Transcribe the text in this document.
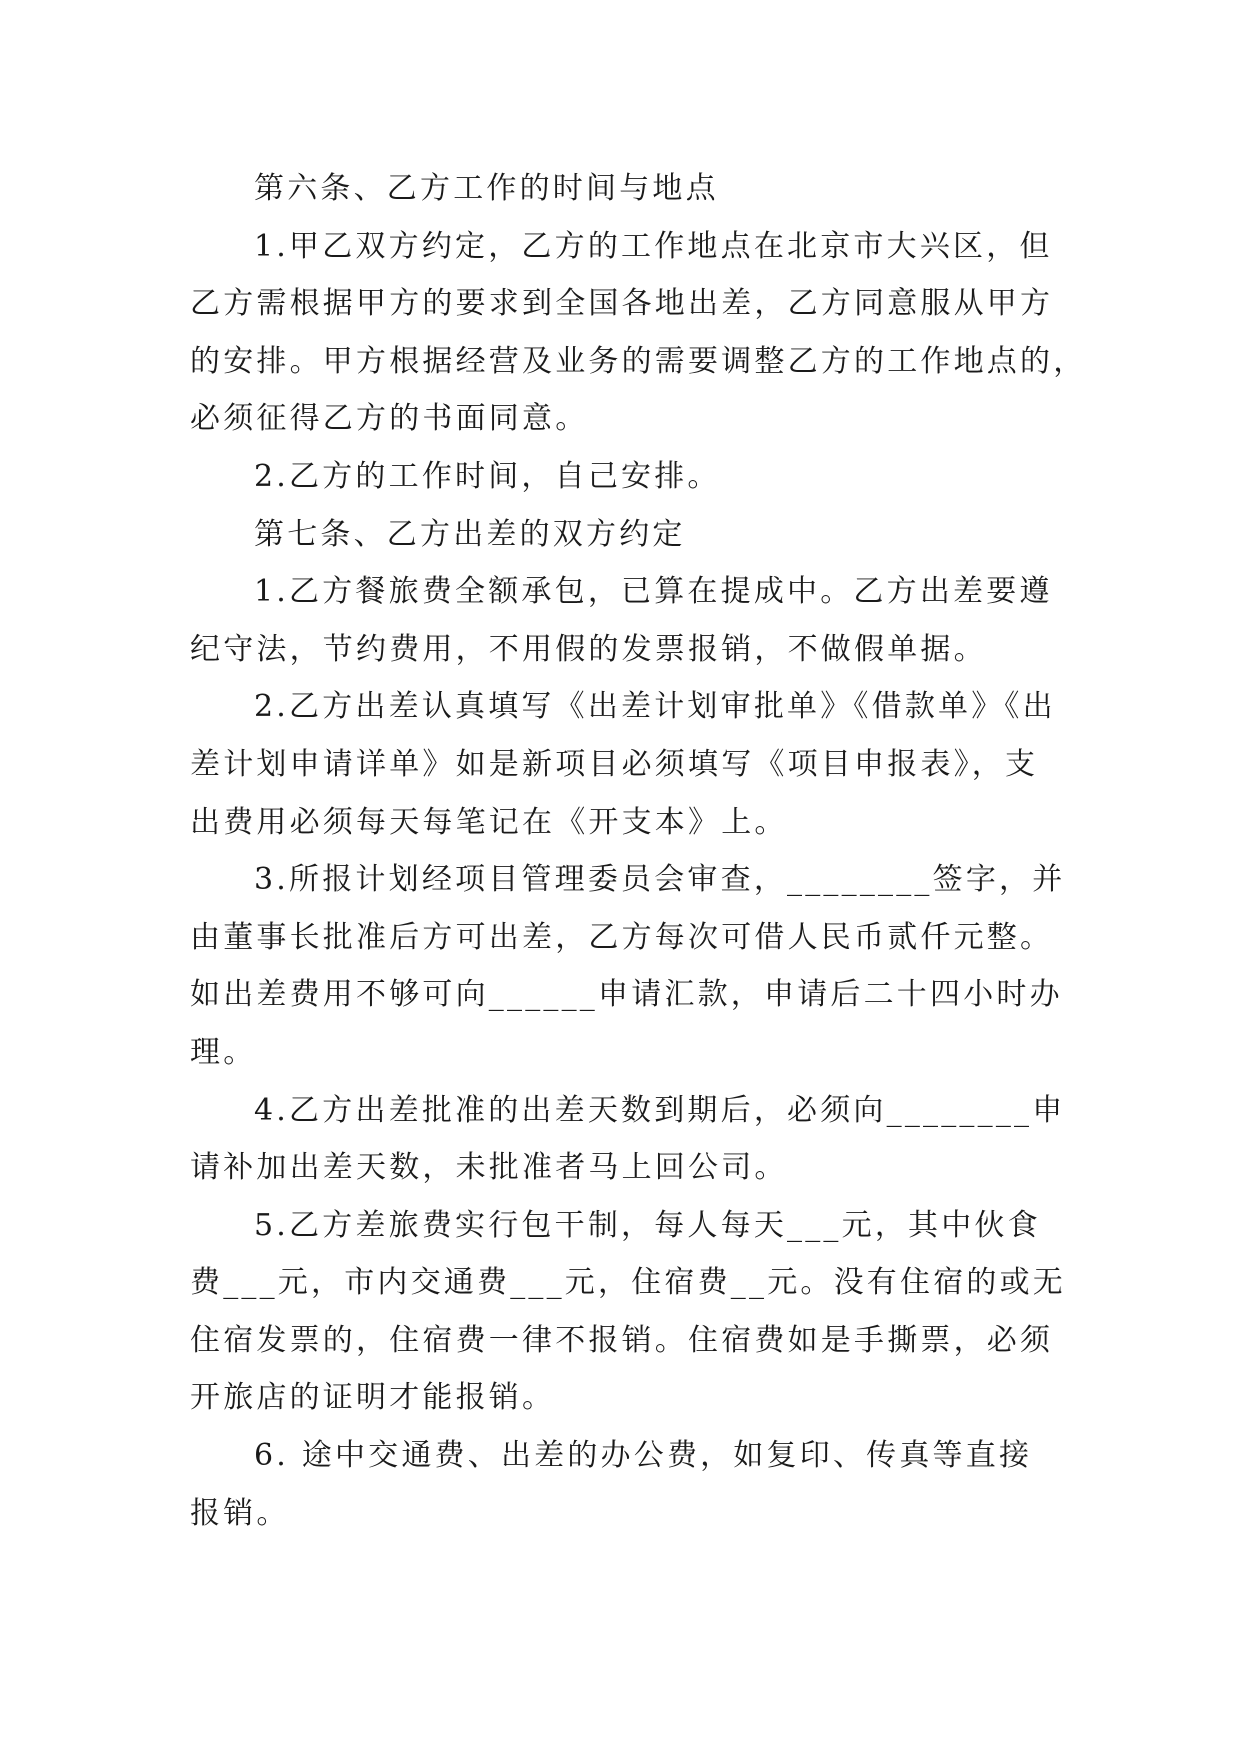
第六条、乙方工作的时间与地点
1.甲乙双方约定，乙方的工作地点在北京市大兴区，但
乙方需根据甲方的要求到全国各地出差，乙方同意服从甲方
的安排。甲方根据经营及业务的需要调整乙方的工作地点的，
必须征得乙方的书面同意。
2.乙方的工作时间，自己安排。
第七条、乙方出差的双方约定
1.乙方餐旅费全额承包，已算在提成中。乙方出差要遵
纪守法，节约费用，不用假的发票报销，不做假单据。
2.乙方出差认真填写《出差计划审批单》《借款单》《出
差计划申请详单》如是新项目必须填写《项目申报表》，支
出费用必须每天每笔记在《开支本》上。
3.所报计划经项目管理委员会审查，________签字，并
由董事长批准后方可出差，乙方每次可借人民币贰仟元整。
如出差费用不够可向______申请汇款，申请后二十四小时办
理。
4.乙方出差批准的出差天数到期后，必须向________申
请补加出差天数，未批准者马上回公司。
5.乙方差旅费实行包干制，每人每天___元，其中伙食
费___元，市内交通费___元，住宿费__元。没有住宿的或无
住宿发票的，住宿费一律不报销。住宿费如是手撕票，必须
开旅店的证明才能报销。
6. 途中交通费、出差的办公费，如复印、传真等直接
报销。
